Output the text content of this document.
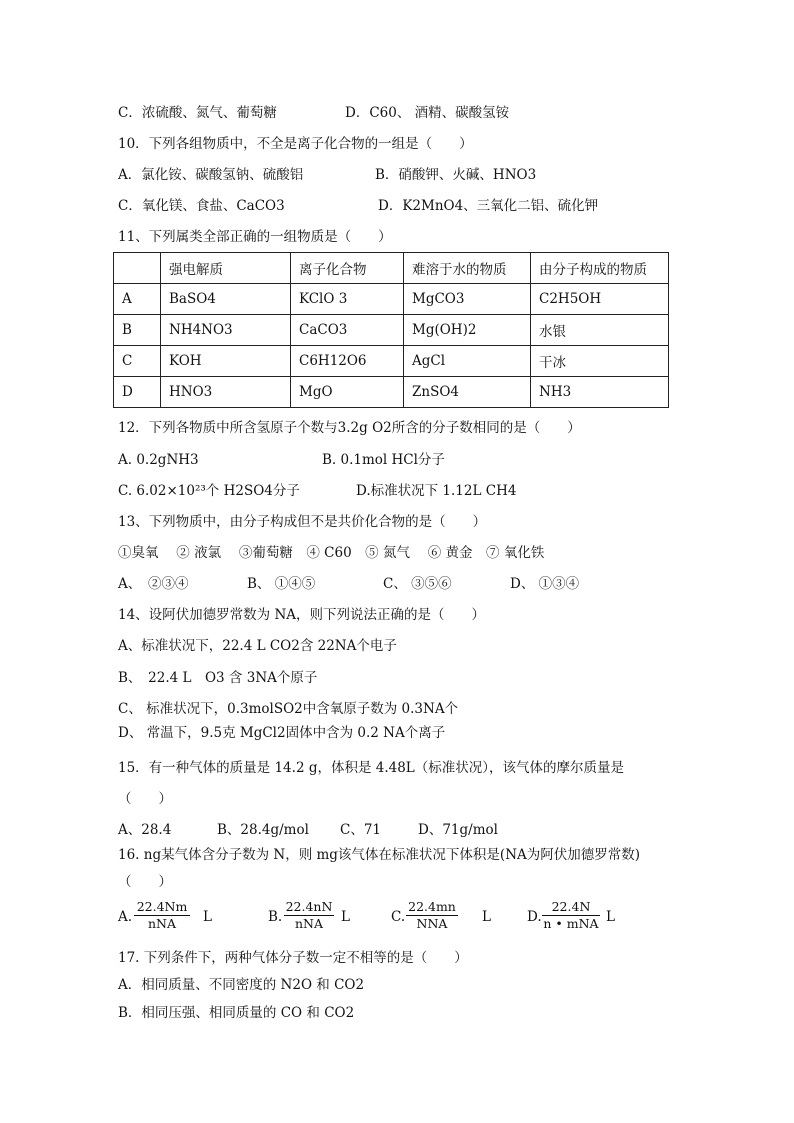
C．浓硫酸、氮气、葡萄糖	D．C60、 酒精、碳酸氢铵
10．下列各组物质中，不全是离子化合物的一组是（　　）
A．氯化铵、碳酸氢钠、硫酸铝	B．硝酸钾、火碱、HNO3
C．氧化镁、食盐、CaCO3	D．K2MnO4、三氧化二铝、硫化钾
11、下列属类全部正确的一组物质是（　　）
	强电解质	离子化合物	难溶于水的物质	由分子构成的物质
A	BaSO4	KClO 3	MgCO3	C2H5OH
B	NH4NO3	CaCO3	Mg(OH)2	水银
C	KOH	C6H12O6	AgCl	干冰
D	HNO3	MgO	ZnSO4	NH3
12．下列各物质中所含氢原子个数与3.2g O2所含的分子数相同的是（　　）
A. 0.2gNH3	B. 0.1mol HCl分子
C. 6.02×10²³个 H2SO4分子	D.标准状况下 1.12L CH4
13、下列物质中，由分子构成但不是共价化合物的是（　　）
①臭氧　 ② 液氯　 ③葡萄糖　④ C60　⑤ 氮气　 ⑥ 黄金　⑦ 氧化铁
A、　②③④	B、 ①④⑤	C、 ③⑤⑥	D、 ①③④
14、设阿伏加德罗常数为 NA，则下列说法正确的是（　　）
A、标准状况下，22.4 L CO2含 22NA个电子
B、　22.4 L　O3 含 3NA个原子
C、 标准状况下，0.3molSO2中含氧原子数为 0.3NA个
D、 常温下，9.5克 MgCl2固体中含为 0.2 NA个离子
15．有一种气体的质量是 14.2 g，体积是 4.48L（标准状况），该气体的摩尔质量是
（　　）
A、28.4	B、28.4g/mol C、71	D、71g/mol
16. ng某气体含分子数为 N，则 mg该气体在标准状况下体积是(NA为阿伏加德罗常数)
（　　）
A.
22.4Nm
nNA	L	B.
22.4nN
nNA	L	C.
22.4mn
NNA	L	D.
22.4N
n • mNA L
17. 下列条件下，两种气体分子数一定不相等的是（　　）
A．相同质量、不同密度的 N2O 和 CO2
B．相同压强、相同质量的 CO 和 CO2
